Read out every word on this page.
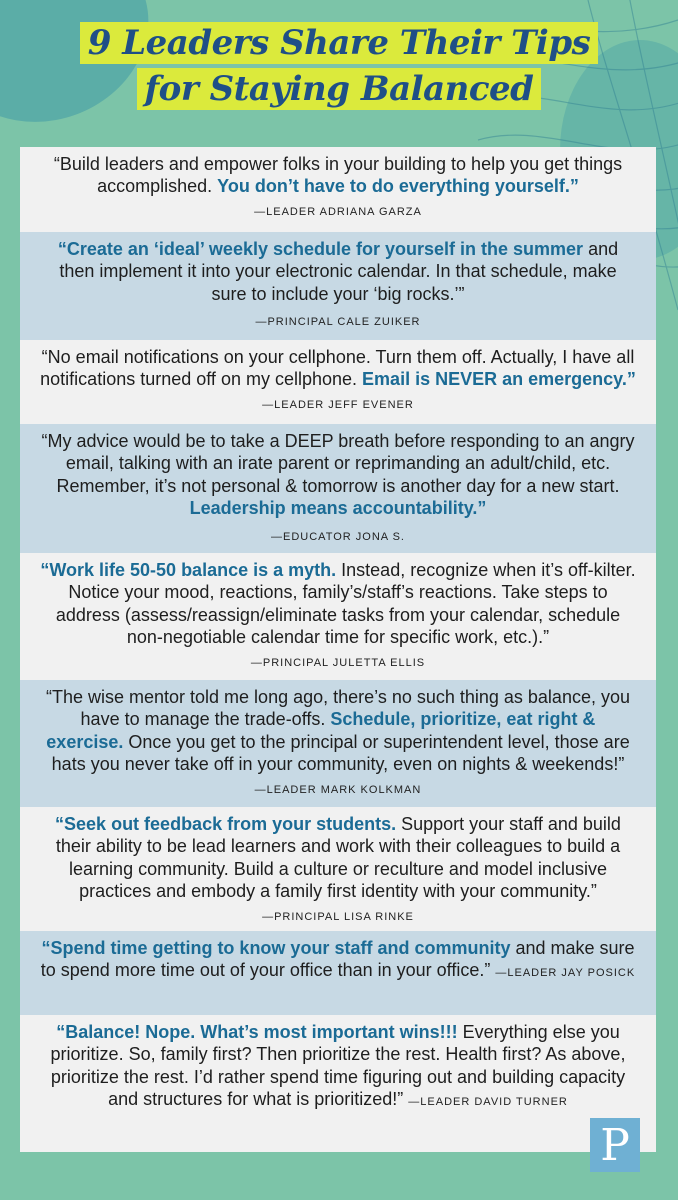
9 Leaders Share Their Tips
for Staying Balanced
“Build leaders and empower folks in your building to help you get things accomplished. You don’t have to do everything yourself.” —LEADER ADRIANA GARZA
“Create an ‘ideal’ weekly schedule for yourself in the summer and then implement it into your electronic calendar. In that schedule, make sure to include your ‘big rocks.’”
—PRINCIPAL CALE ZUIKER
“No email notifications on your cellphone. Turn them off. Actually, I have all notifications turned off on my cellphone. Email is NEVER an emergency.” —LEADER JEFF EVENER
“My advice would be to take a DEEP breath before responding to an angry email, talking with an irate parent or reprimanding an adult/child, etc. Remember, it’s not personal & tomorrow is another day for a new start. Leadership means accountability.”
—EDUCATOR JONA S.
“Work life 50-50 balance is a myth. Instead, recognize when it’s off-kilter. Notice your mood, reactions, family’s/staff’s reactions. Take steps to address (assess/reassign/eliminate tasks from your calendar, schedule non-negotiable calendar time for specific work, etc.).” —PRINCIPAL JULETTA ELLIS
“The wise mentor told me long ago, there’s no such thing as balance, you have to manage the trade-offs. Schedule, prioritize, eat right & exercise. Once you get to the principal or superintendent level, those are hats you never take off in your community, even on nights & weekends!” —LEADER MARK KOLKMAN
“Seek out feedback from your students. Support your staff and build their ability to be lead learners and work with their colleagues to build a learning community. Build a culture or reculture and model inclusive practices and embody a family first identity with your community.” —PRINCIPAL LISA RINKE
“Spend time getting to know your staff and community and make sure to spend more time out of your office than in your office.” —LEADER JAY POSICK
“Balance! Nope. What’s most important wins!!! Everything else you prioritize. So, family first? Then prioritize the rest. Health first? As above, prioritize the rest. I’d rather spend time figuring out and building capacity and structures for what is prioritized!” —LEADER DAVID TURNER
P
